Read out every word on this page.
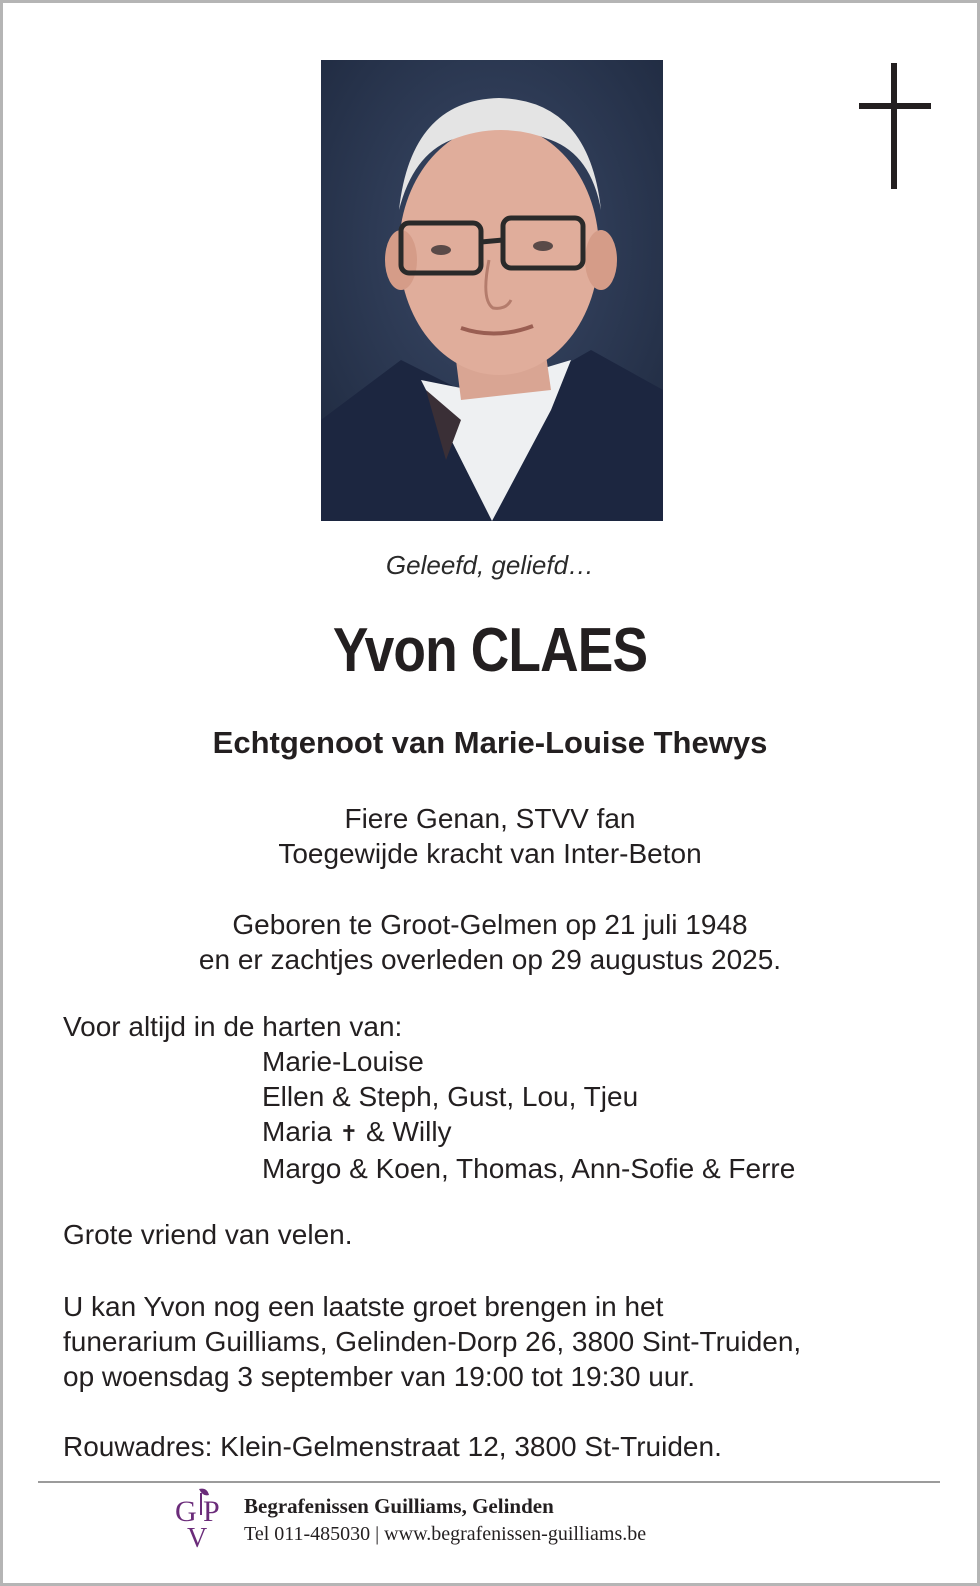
Geleefd, geliefd…
Yvon CLAES
Echtgenoot van Marie-Louise Thewys
Fiere Genan, STVV fan
Toegewijde kracht van Inter-Beton
Geboren te Groot-Gelmen op 21 juli 1948
en er zachtjes overleden op 29 augustus 2025.
Voor altijd in de harten van:
Marie-Louise
Ellen & Steph, Gust, Lou, Tjeu
Maria ✝ & Willy
Margo & Koen, Thomas, Ann-Sofie & Ferre
Grote vriend van velen.
U kan Yvon nog een laatste groet brengen in het
funerarium Guilliams, Gelinden-Dorp 26, 3800 Sint-Truiden,
op woensdag 3 september van 19:00 tot 19:30 uur.
Rouwadres: Klein-Gelmenstraat 12, 3800 St-Truiden.
G P
V
Begrafenissen Guilliams, Gelinden
Tel 011-485030 | www.begrafenissen-guilliams.be
